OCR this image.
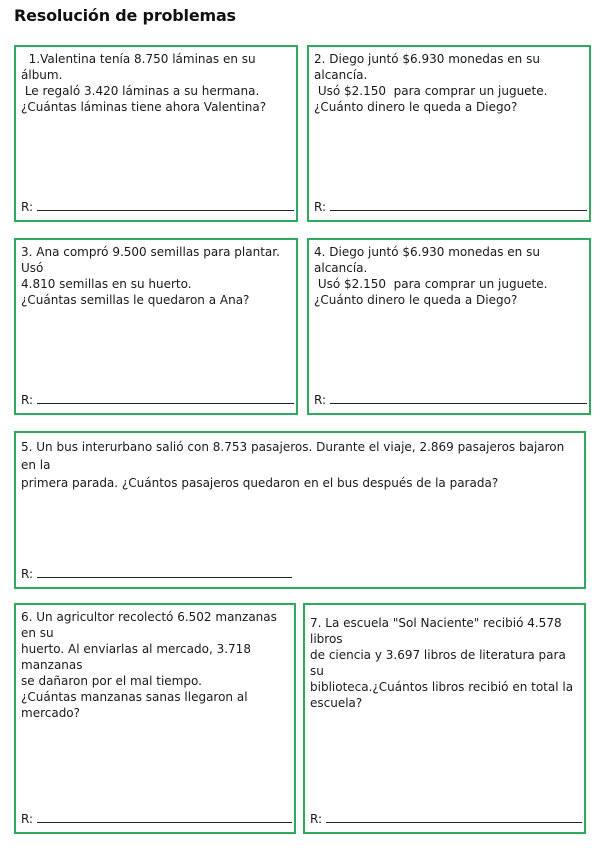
Resolución de problemas
1.Valentina tenía 8.750 láminas en su álbum.
Le regaló 3.420 láminas a su hermana.
¿Cuántas láminas tiene ahora Valentina?
R:
2. Diego juntó $6.930 monedas en su alcancía.
Usó $2.150  para comprar un juguete.
¿Cuánto dinero le queda a Diego?
R:
3. Ana compró 9.500 semillas para plantar. Usó
4.810 semillas en su huerto.
¿Cuántas semillas le quedaron a Ana?
R:
4. Diego juntó $6.930 monedas en su alcancía.
Usó $2.150  para comprar un juguete.
¿Cuánto dinero le queda a Diego?
R:
5. Un bus interurbano salió con 8.753 pasajeros. Durante el viaje, 2.869 pasajeros bajaron en la
primera parada. ¿Cuántos pasajeros quedaron en el bus después de la parada?
R:
6. Un agricultor recolectó 6.502 manzanas en su
huerto. Al enviarlas al mercado, 3.718 manzanas
se dañaron por el mal tiempo.
¿Cuántas manzanas sanas llegaron al mercado?
R:
7. La escuela "Sol Naciente" recibió 4.578 libros
de ciencia y 3.697 libros de literatura para su
biblioteca.¿Cuántos libros recibió en total la
escuela?
R:
